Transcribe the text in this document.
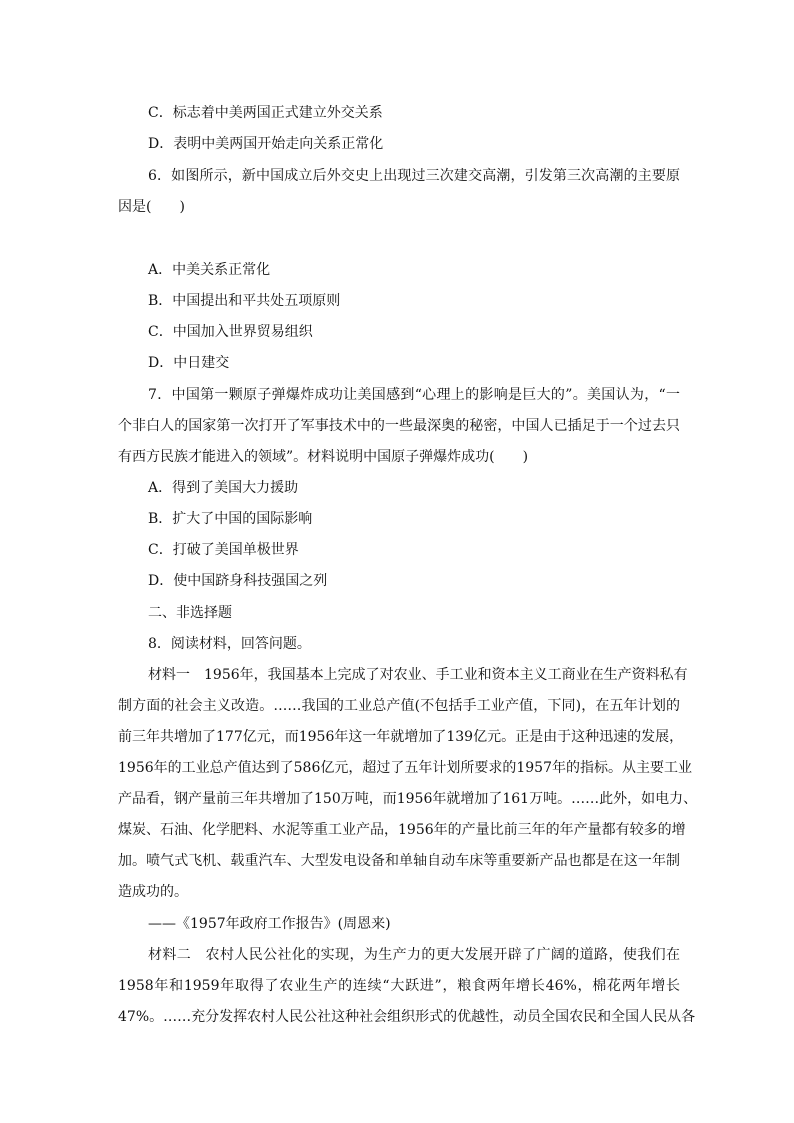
C．标志着中美两国正式建立外交关系
D．表明中美两国开始走向关系正常化
6．如图所示，新中国成立后外交史上出现过三次建交高潮，引发第三次高潮的主要原
因是(　　)
A．中美关系正常化
B．中国提出和平共处五项原则
C．中国加入世界贸易组织
D．中日建交
7．中国第一颗原子弹爆炸成功让美国感到“心理上的影响是巨大的”。美国认为，“一
个非白人的国家第一次打开了军事技术中的一些最深奥的秘密，中国人已插足于一个过去只
有西方民族才能进入的领域”。材料说明中国原子弹爆炸成功(　　)
A．得到了美国大力援助
B．扩大了中国的国际影响
C．打破了美国单极世界
D．使中国跻身科技强国之列
二、非选择题
8．阅读材料，回答问题。
材料一　1956年，我国基本上完成了对农业、手工业和资本主义工商业在生产资料私有
制方面的社会主义改造。……我国的工业总产值(不包括手工业产值，下同)，在五年计划的
前三年共增加了177亿元，而1956年这一年就增加了139亿元。正是由于这种迅速的发展，
1956年的工业总产值达到了586亿元，超过了五年计划所要求的1957年的指标。从主要工业
产品看，钢产量前三年共增加了150万吨，而1956年就增加了161万吨。……此外，如电力、
煤炭、石油、化学肥料、水泥等重工业产品，1956年的产量比前三年的年产量都有较多的增
加。喷气式飞机、载重汽车、大型发电设备和单轴自动车床等重要新产品也都是在这一年制
造成功的。
——《1957年政府工作报告》(周恩来)
材料二　农村人民公社化的实现，为生产力的更大发展开辟了广阔的道路，使我们在
1958年和1959年取得了农业生产的连续“大跃进”，粮食两年增长46%，棉花两年增长
47%。……充分发挥农村人民公社这种社会组织形式的优越性，动员全国农民和全国人民从各
